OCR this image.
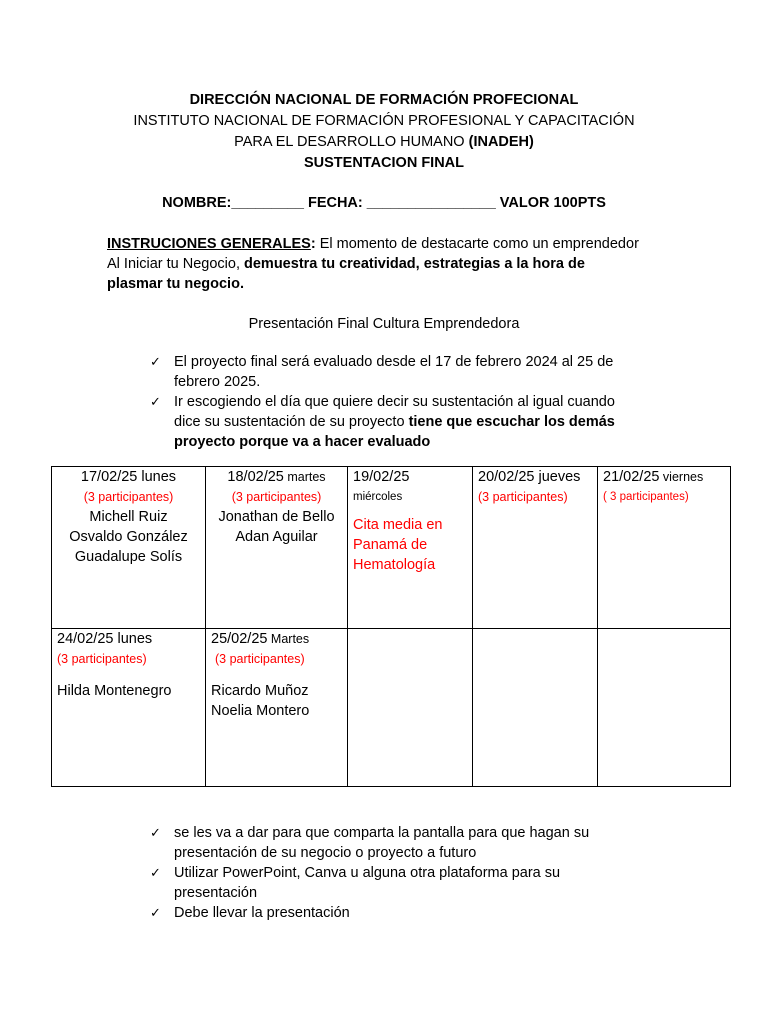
DIRECCIÓN NACIONAL DE FORMACIÓN PROFECIONAL
INSTITUTO NACIONAL DE FORMACIÓN PROFESIONAL Y CAPACITACIÓN
PARA EL DESARROLLO HUMANO (INADEH)
SUSTENTACION FINAL
NOMBRE:_________ FECHA: ________________ VALOR 100PTS
INSTRUCIONES GENERALES: El momento de destacarte como un emprendedor
Al Iniciar tu Negocio, demuestra tu creatividad, estrategias a la hora de
plasmar tu negocio.
Presentación Final Cultura Emprendedora
✓ El proyecto final será evaluado desde el 17 de febrero 2024 al 25 de
febrero 2025.
✓ Ir escogiendo el día que quiere decir su sustentación al igual cuando
dice su sustentación de su proyecto tiene que escuchar los demás
proyecto porque va a hacer evaluado
17/02/25 lunes
(3 participantes)
Michell Ruiz
Osvaldo González
Guadalupe Solís	18/02/25 martes
(3 participantes)
Jonathan de Bello
Adan Aguilar	19/02/25
miércoles
Cita media en
Panamá de
Hematología	20/02/25 jueves
(3 participantes)	21/02/25 viernes
( 3 participantes)

24/02/25 lunes
(3 participantes)
Hilda Montenegro	25/02/25 Martes
(3 participantes)
Ricardo Muñoz
Noelia Montero			

✓ se les va a dar para que comparta la pantalla para que hagan su
presentación de su negocio o proyecto a futuro
✓ Utilizar PowerPoint, Canva u alguna otra plataforma para su
presentación
✓ Debe llevar la presentación
